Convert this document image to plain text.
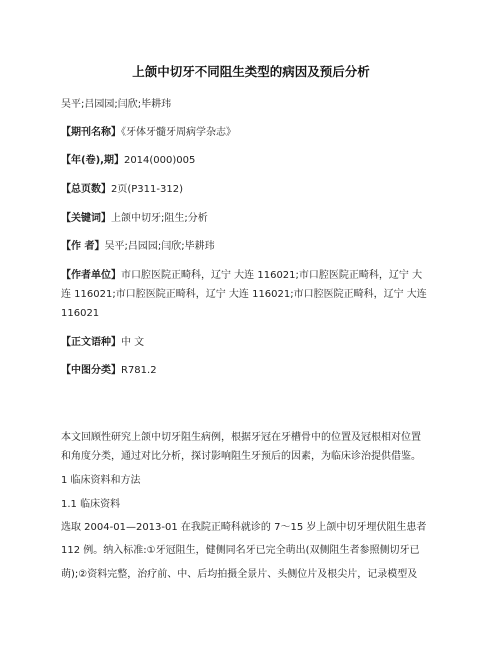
上颌中切牙不同阻生类型的病因及预后分析
吴平;吕园园;闫欣;毕耕玮
【期刊名称】《牙体牙髓牙周病学杂志》
【年(卷),期】2014(000)005
【总页数】2页(P311-312)
【关键词】上颌中切牙;阻生;分析
【作 者】吴平;吕园园;闫欣;毕耕玮
【作者单位】市口腔医院正畸科，辽宁 大连 116021;市口腔医院正畸科，辽宁 大
连 116021;市口腔医院正畸科，辽宁 大连 116021;市口腔医院正畸科，辽宁 大连
116021
【正文语种】中 文
【中图分类】R781.2
本文回顾性研究上颌中切牙阻生病例，根据牙冠在牙槽骨中的位置及冠根相对位置
和角度分类，通过对比分析，探讨影响阻生牙预后的因素，为临床诊治提供借鉴。
1 临床资料和方法
1.1 临床资料
选取 2004-01—2013-01 在我院正畸科就诊的 7～15 岁上颌中切牙埋伏阻生患者
112 例。纳入标准:①牙冠阻生，健侧同名牙已完全萌出(双侧阻生者参照侧切牙已
萌);②资料完整，治疗前、中、后均拍摄全景片、头侧位片及根尖片，记录模型及
